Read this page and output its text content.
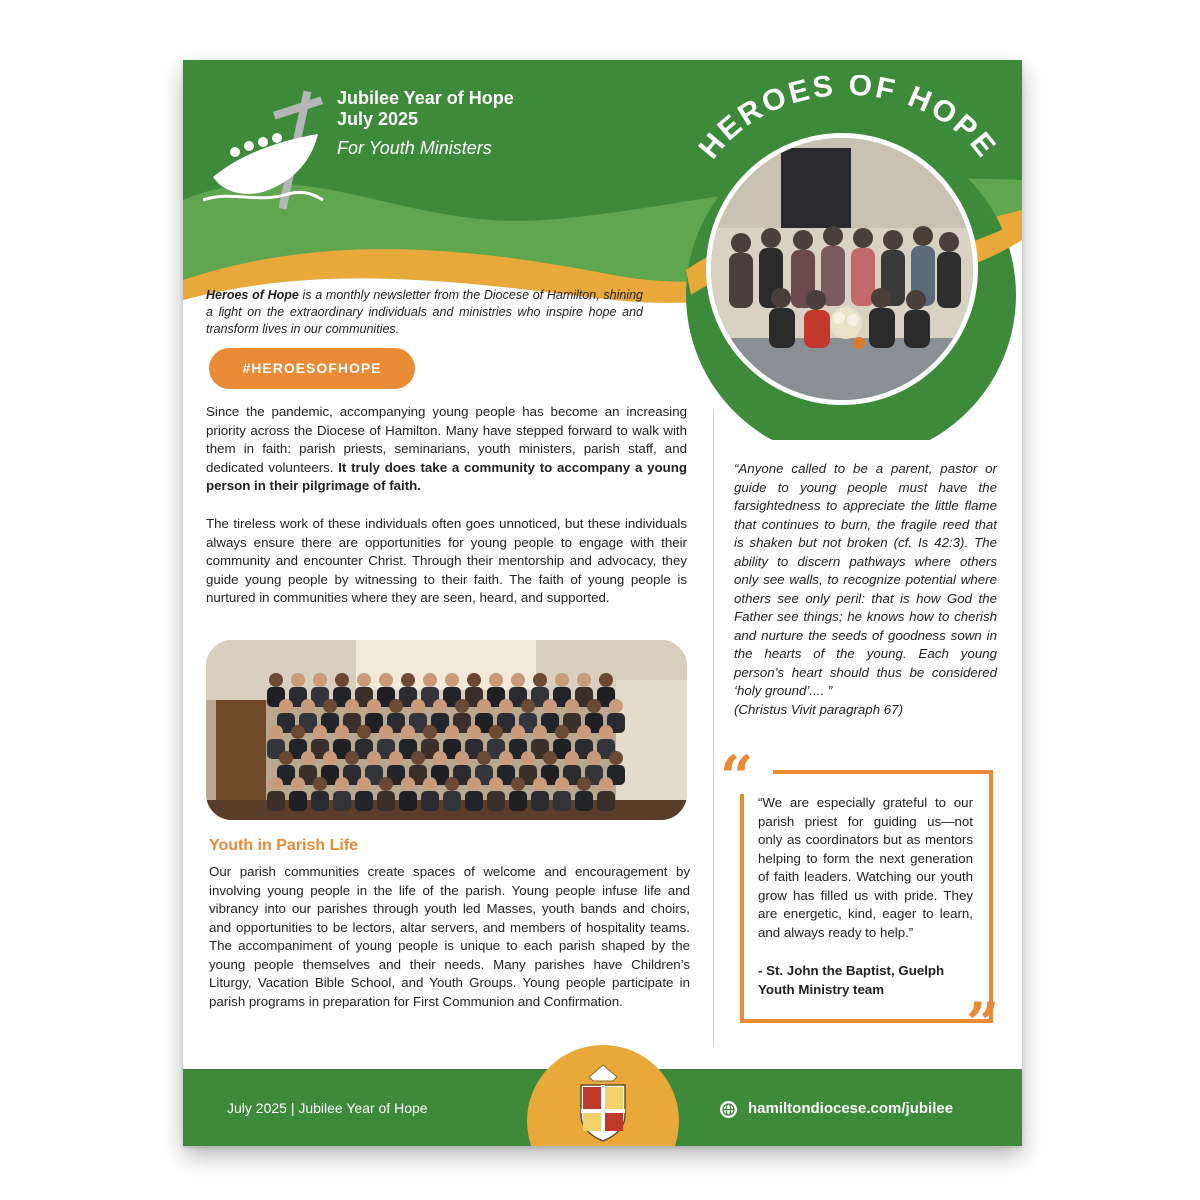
Jubilee Year of Hope
July 2025
For Youth Ministers	HEROES OF HOPE
Heroes of Hope is a monthly newsletter from the Diocese of Hamilton, shining a light on the extraordinary individuals and ministries who inspire hope and transform lives in our communities.
#HEROESOFHOPE

Since the pandemic, accompanying young people has become an increasing priority across the Diocese of Hamilton. Many have stepped forward to walk with them in faith: parish priests, seminarians, youth ministers, parish staff, and dedicated volunteers. It truly does take a community to accompany a young person in their pilgrimage of faith.

The tireless work of these individuals often goes unnoticed, but these individuals always ensure there are opportunities for young people to engage with their community and encounter Christ. Through their mentorship and advocacy, they guide young people by witnessing to their faith. The faith of young people is nurtured in communities where they are seen, heard, and supported.

Youth in Parish Life

Our parish communities create spaces of welcome and encouragement by involving young people in the life of the parish. Young people infuse life and vibrancy into our parishes through youth led Masses, youth bands and choirs, and opportunities to be lectors, altar servers, and members of hospitality teams. The accompaniment of young people is unique to each parish shaped by the young people themselves and their needs. Many parishes have Children’s Liturgy, Vacation Bible School, and Youth Groups. Young people participate in parish programs in preparation for First Communion and Confirmation.

“Anyone called to be a parent, pastor or guide to young people must have the farsightedness to appreciate the little flame that continues to burn, the fragile reed that is shaken but not broken (cf. Is 42:3). The ability to discern pathways where others only see walls, to recognize potential where others see only peril: that is how God the Father see things; he knows how to cherish and nurture the seeds of goodness sown in the hearts of the young. Each young person’s heart should thus be considered ‘holy ground’.... ”
(Christus Vivit paragraph 67)
“
”
“We are especially grateful to our parish priest for guiding us—not only as coordinators but as mentors helping to form the next generation of faith leaders. Watching our youth grow has filled us with pride. They are energetic, kind, eager to learn, and always ready to help.”
- St. John the Baptist, Guelph Youth Ministry team
July 2025 | Jubilee Year of Hope	hamiltondiocese.com/jubilee
